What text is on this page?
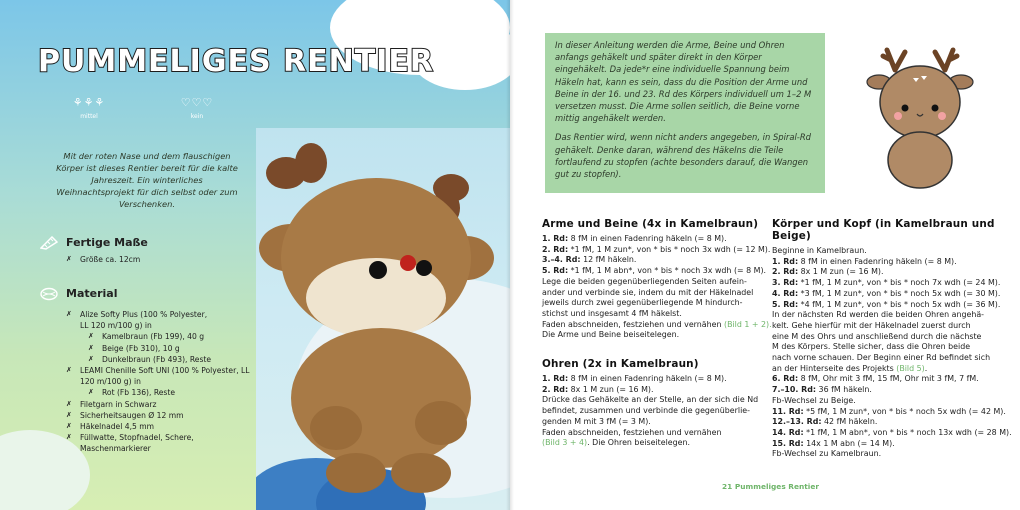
PUMMELIGES RENTIER
⚘⚘⚘
mittel
♡♡♡
kein
Mit der roten Nase und dem flauschigen Körper ist dieses Rentier bereit für die kalte Jahreszeit. Ein winterliches Weihnachtsprojekt für dich selbst oder zum Verschenken.
Fertige Maße
✗	Größe ca. 12cm
Material
✗	Alize Softy Plus (100 % Polyester,
LL 120 m/100 g) in
✗	Kamelbraun (Fb 199), 40 g
✗	Beige (Fb 310), 10 g
✗	Dunkelbraun (Fb 493), Reste
✗	LEAMI Chenille Soft UNI (100 % Polyester, LL
120 m/100 g) in
✗	Rot (Fb 136), Reste
✗	Filetgarn in Schwarz
✗	Sicherheitsaugen Ø 12 mm
✗	Häkelnadel 4,5 mm
✗	Füllwatte, Stopfnadel, Schere,
Maschenmarkierer

In dieser Anleitung werden die Arme, Beine und Ohren anfangs gehäkelt und später direkt in den Körper eingehäkelt. Da jede*r eine individuelle Spannung beim Häkeln hat, kann es sein, dass du die Position der Arme und Beine in der 16. und 23. Rd des Körpers individuell um 1–2 M versetzen musst. Die Arme sollen seitlich, die Beine vorne mittig angehäkelt werden.

Das Rentier wird, wenn nicht anders angegeben, in Spiral-Rd gehäkelt. Denke daran, während des Häkelns die Teile fortlaufend zu stopfen (achte besonders darauf, die Wangen gut zu stopfen).

Arme und Beine (4x in Kamelbraun)
1. Rd: 8 fM in einen Fadenring häkeln (= 8 M).
2. Rd: *1 fM, 1 M zun*, von * bis * noch 3x wdh (= 12 M).
3.–4. Rd: 12 fM häkeln.
5. Rd: *1 fM, 1 M abn*, von * bis * noch 3x wdh (= 8 M).
Lege die beiden gegenüberliegenden Seiten aufein-
ander und verbinde sie, indem du mit der Häkelnadel
jeweils durch zwei gegenüberliegende M hindurch-
stichst und insgesamt 4 fM häkelst.
Faden abschneiden, festziehen und vernähen (Bild 1 + 2).
Die Arme und Beine beiseitelegen.
Ohren (2x in Kamelbraun)
1. Rd: 8 fM in einen Fadenring häkeln (= 8 M).
2. Rd: 8x 1 M zun (= 16 M).
Drücke das Gehäkelte an der Stelle, an der sich die Nd
befindet, zusammen und verbinde die gegenüberlie-
genden M mit 3 fM (= 3 M).
Faden abschneiden, festziehen und vernähen
(Bild 3 + 4). Die Ohren beiseitelegen.
Körper und Kopf (in Kamelbraun und Beige)
Beginne in Kamelbraun.
1. Rd: 8 fM in einen Fadenring häkeln (= 8 M).
2. Rd: 8x 1 M zun (= 16 M).
3. Rd: *1 fM, 1 M zun*, von * bis * noch 7x wdh (= 24 M).
4. Rd: *3 fM, 1 M zun*, von * bis * noch 5x wdh (= 30 M).
5. Rd: *4 fM, 1 M zun*, von * bis * noch 5x wdh (= 36 M).
In der nächsten Rd werden die beiden Ohren angehä-
kelt. Gehe hierfür mit der Häkelnadel zuerst durch
eine M des Ohrs und anschließend durch die nächste
M des Körpers. Stelle sicher, dass die Ohren beide
nach vorne schauen. Der Beginn einer Rd befindet sich
an der Hinterseite des Projekts (Bild 5).
6. Rd: 8 fM, Ohr mit 3 fM, 15 fM, Ohr mit 3 fM, 7 fM.
7.–10. Rd: 36 fM häkeln.
Fb-Wechsel zu Beige.
11. Rd: *5 fM, 1 M zun*, von * bis * noch 5x wdh (= 42 M).
12.–13. Rd: 42 fM häkeln.
14. Rd: *1 fM, 1 M abn*, von * bis * noch 13x wdh (= 28 M).
15. Rd: 14x 1 M abn (= 14 M).
Fb-Wechsel zu Kamelbraun.
21 Pummeliges Rentier
